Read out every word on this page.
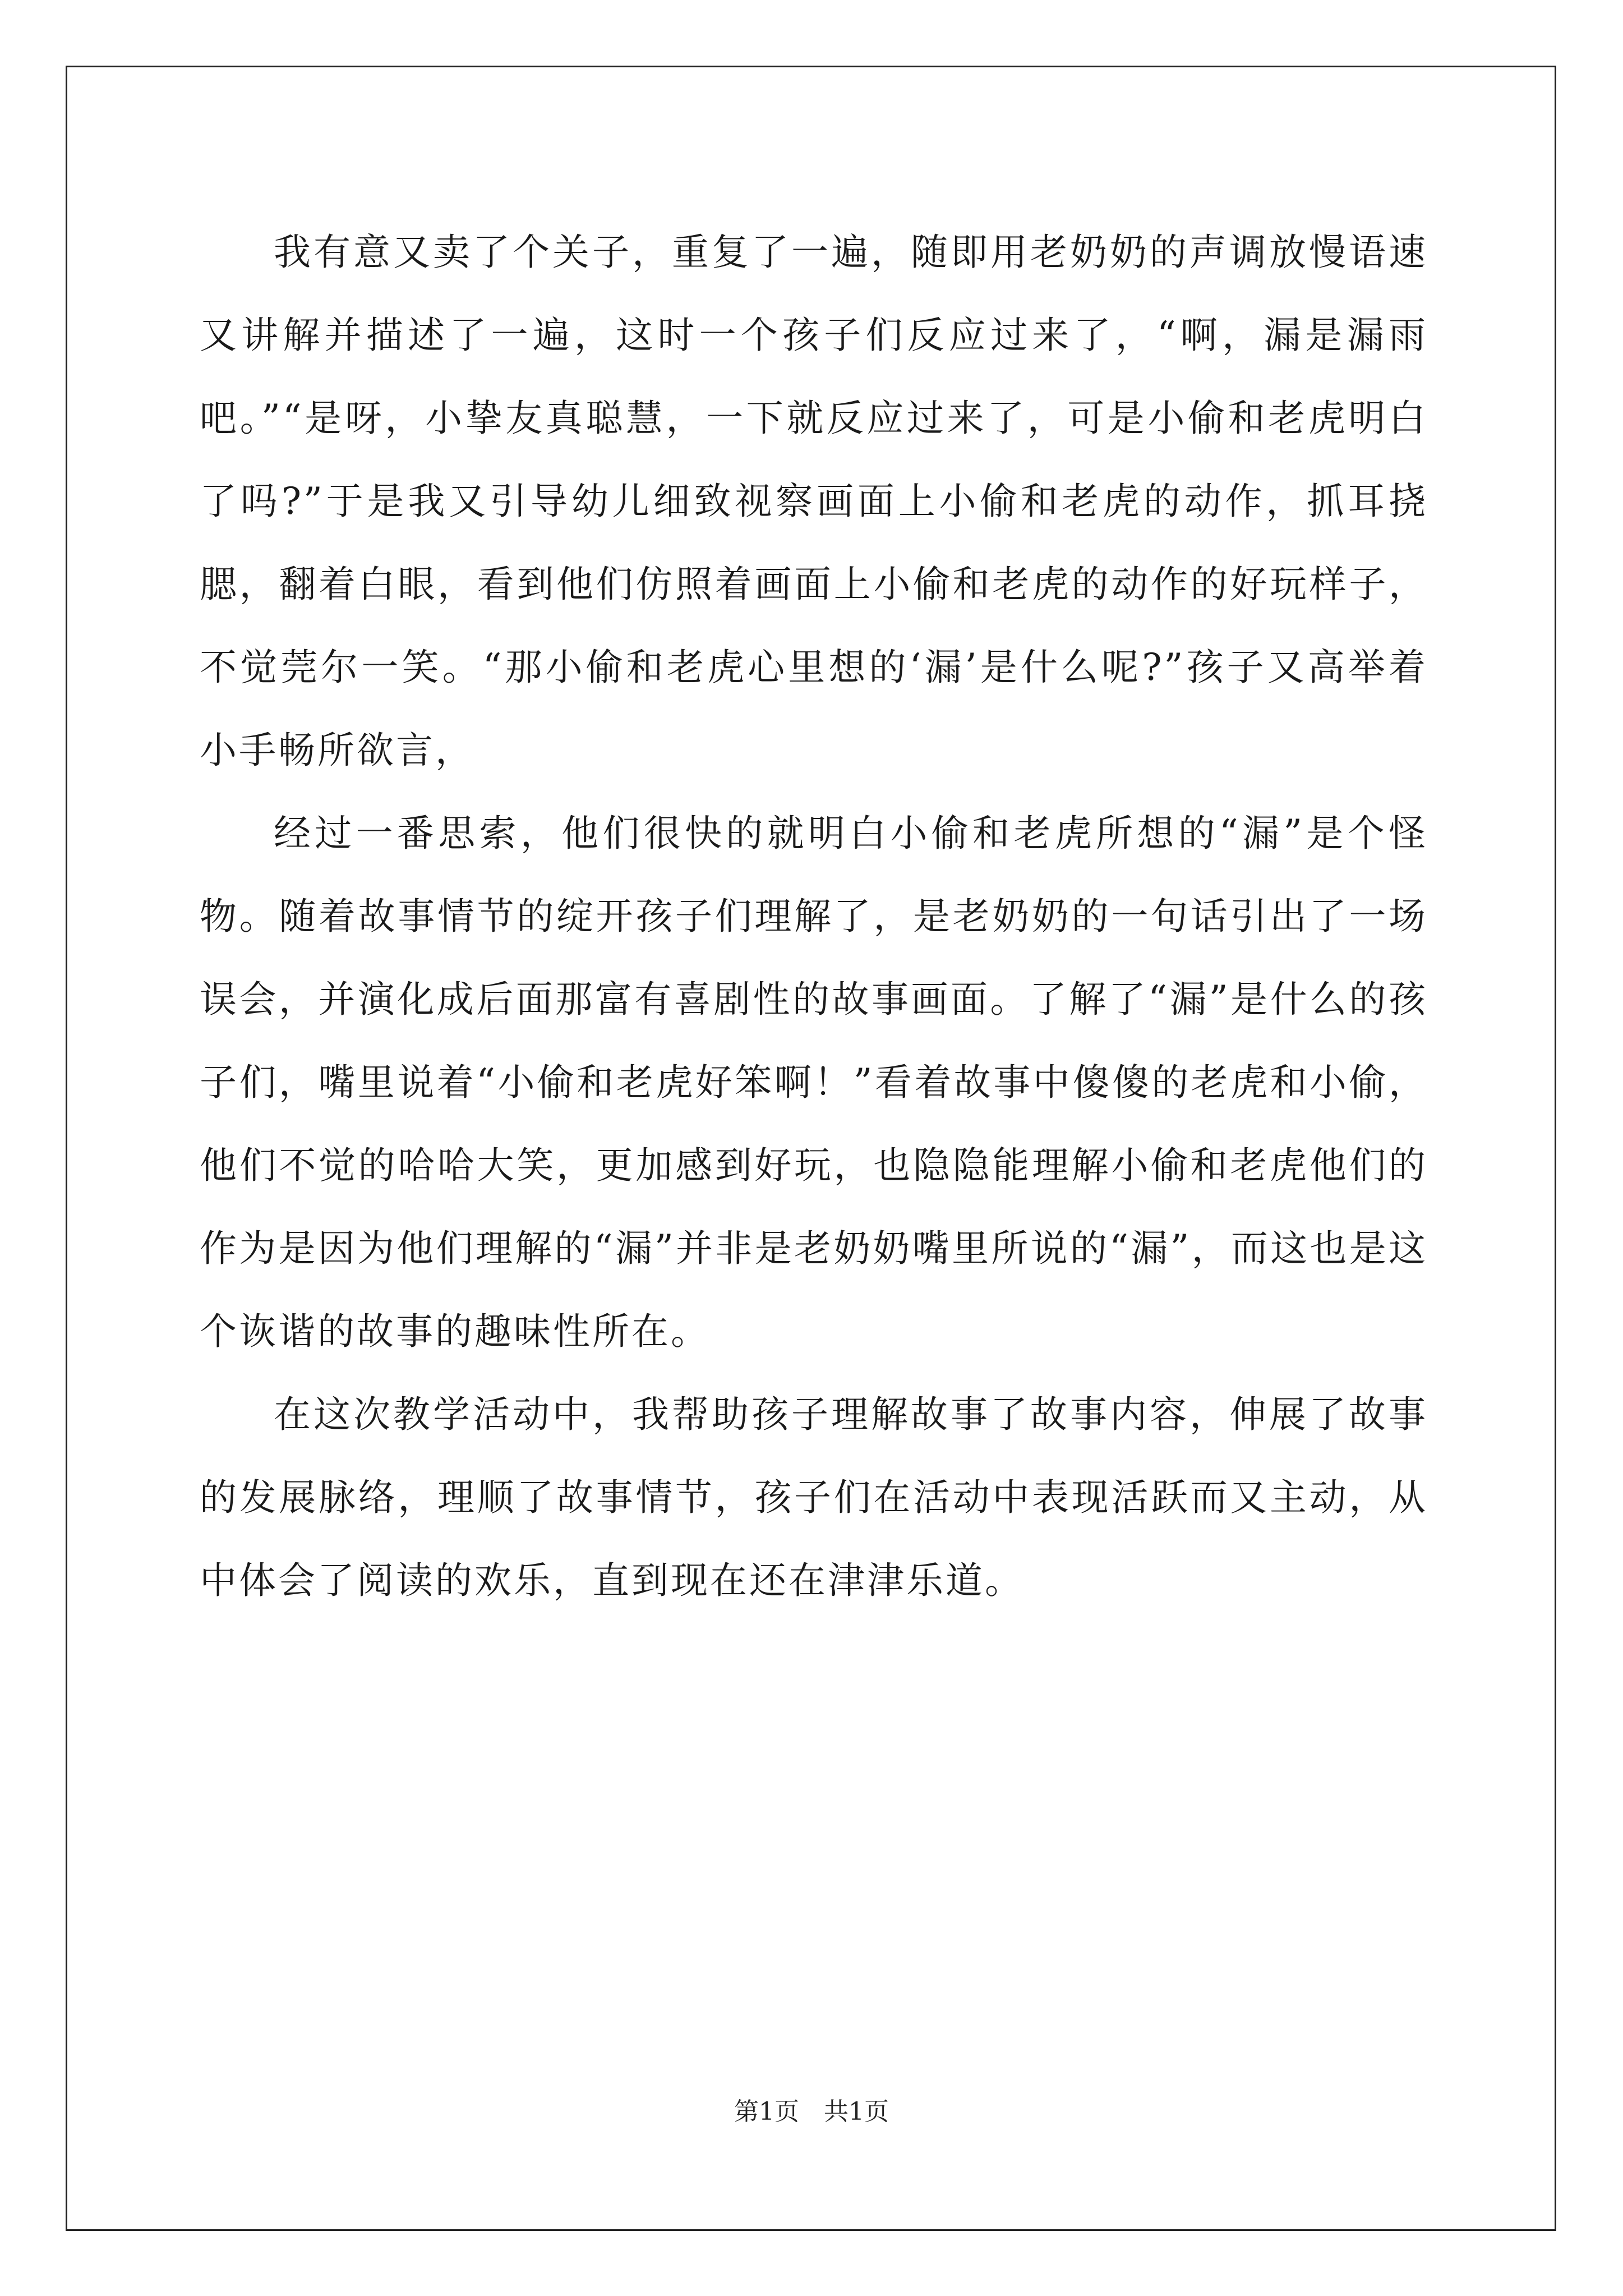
我有意又卖了个关子，重复了一遍，随即用老奶奶的声调放慢语速又讲解并描述了一遍，这时一个孩子们反应过来了，“啊，漏是漏雨吧。”“是呀，小挚友真聪慧，一下就反应过来了，可是小偷和老虎明白了吗?”于是我又引导幼儿细致视察画面上小偷和老虎的动作，抓耳挠腮，翻着白眼，看到他们仿照着画面上小偷和老虎的动作的好玩样子，不觉莞尔一笑。“那小偷和老虎心里想的‘漏’是什么呢?”孩子又高举着小手畅所欲言，

经过一番思索，他们很快的就明白小偷和老虎所想的“漏”是个怪物。随着故事情节的绽开孩子们理解了，是老奶奶的一句话引出了一场误会，并演化成后面那富有喜剧性的故事画面。了解了“漏”是什么的孩子们，嘴里说着“小偷和老虎好笨啊！”看着故事中傻傻的老虎和小偷，他们不觉的哈哈大笑，更加感到好玩，也隐隐能理解小偷和老虎他们的作为是因为他们理解的“漏”并非是老奶奶嘴里所说的“漏”，而这也是这个诙谐的故事的趣味性所在。

在这次教学活动中，我帮助孩子理解故事了故事内容，伸展了故事的发展脉络，理顺了故事情节，孩子们在活动中表现活跃而又主动，从中体会了阅读的欢乐，直到现在还在津津乐道。

第1页　共1页
